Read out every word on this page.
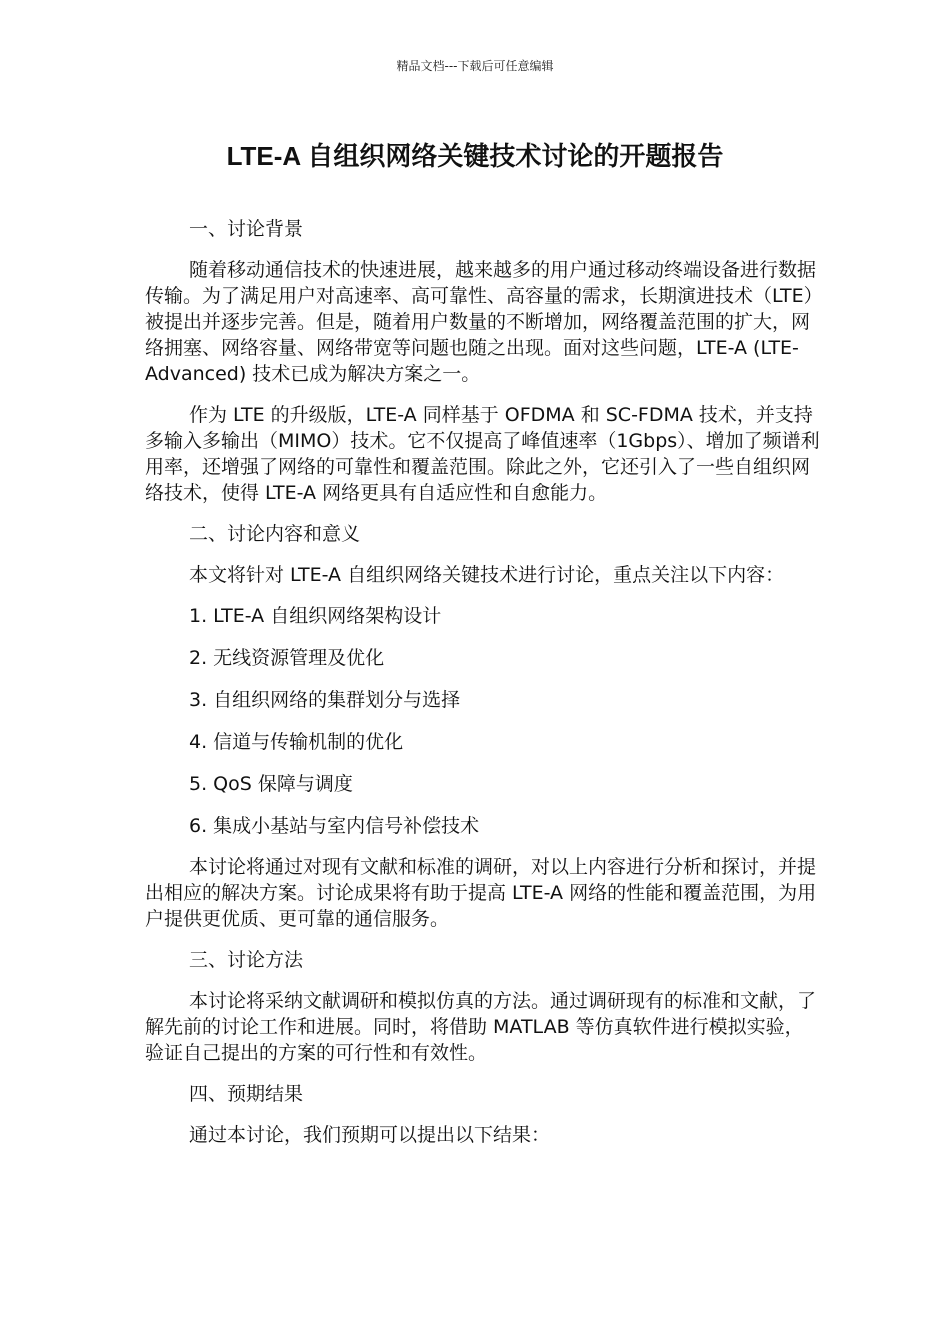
精品文档---下载后可任意编辑
LTE-A 自组织网络关键技术讨论的开题报告

一、讨论背景

随着移动通信技术的快速进展，越来越多的用户通过移动终端设备进行数据传输。为了满足用户对高速率、高可靠性、高容量的需求，长期演进技术（LTE）被提出并逐步完善。但是，随着用户数量的不断增加，网络覆盖范围的扩大，网络拥塞、网络容量、网络带宽等问题也随之出现。面对这些问题，LTE-A (LTE-Advanced) 技术已成为解决方案之一。

作为 LTE 的升级版，LTE-A 同样基于 OFDMA 和 SC-FDMA 技术，并支持多输入多输出（MIMO）技术。它不仅提高了峰值速率（1Gbps）、增加了频谱利用率，还增强了网络的可靠性和覆盖范围。除此之外，它还引入了一些自组织网络技术，使得 LTE-A 网络更具有自适应性和自愈能力。

二、讨论内容和意义

本文将针对 LTE-A 自组织网络关键技术进行讨论，重点关注以下内容：

1. LTE-A 自组织网络架构设计

2. 无线资源管理及优化

3. 自组织网络的集群划分与选择

4. 信道与传输机制的优化

5. QoS 保障与调度

6. 集成小基站与室内信号补偿技术

本讨论将通过对现有文献和标准的调研，对以上内容进行分析和探讨，并提出相应的解决方案。讨论成果将有助于提高 LTE-A 网络的性能和覆盖范围，为用户提供更优质、更可靠的通信服务。

三、讨论方法

本讨论将采纳文献调研和模拟仿真的方法。通过调研现有的标准和文献，了解先前的讨论工作和进展。同时，将借助 MATLAB 等仿真软件进行模拟实验，验证自己提出的方案的可行性和有效性。

四、预期结果

通过本讨论，我们预期可以提出以下结果：
